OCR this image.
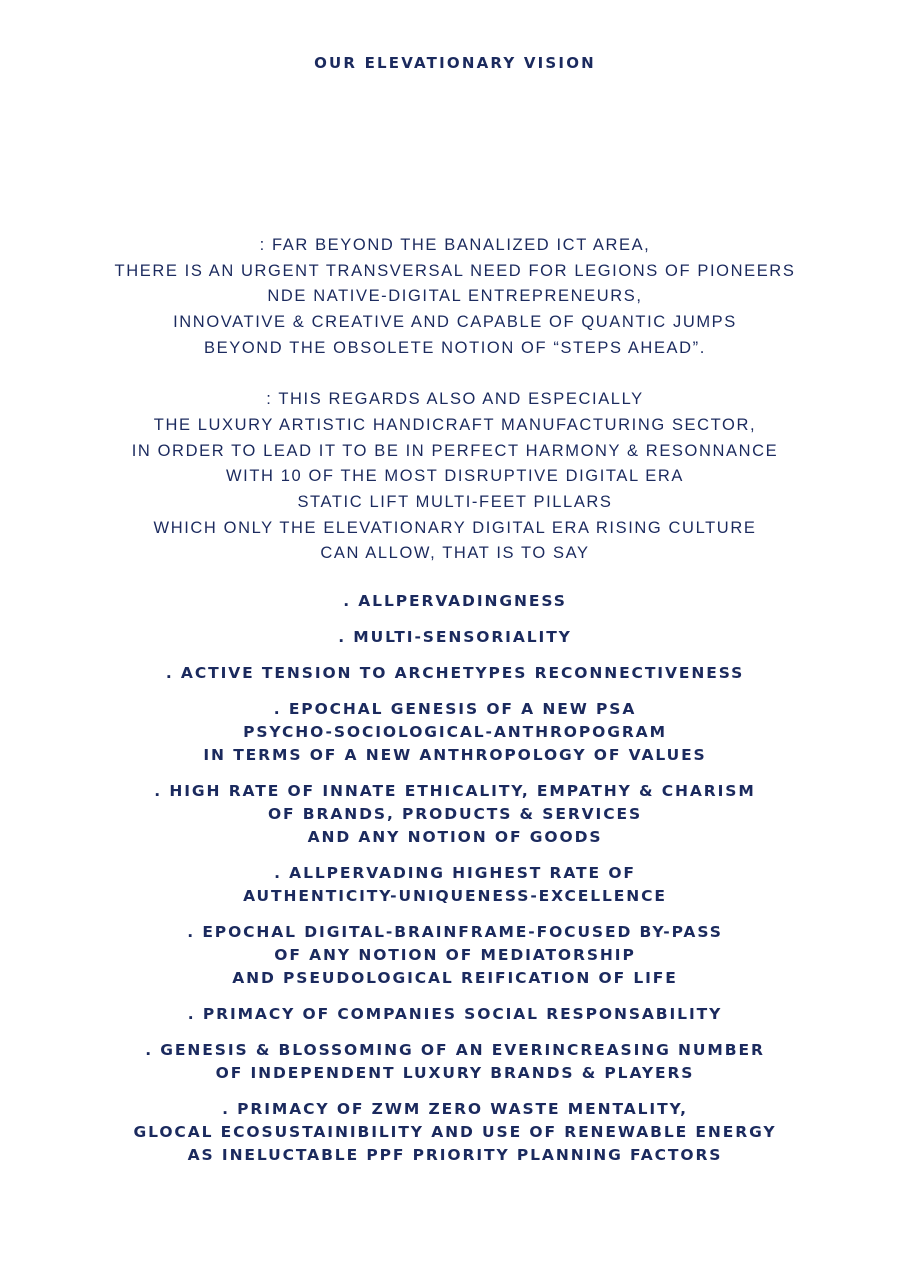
OUR ELEVATIONARY VISION

: FAR BEYOND THE BANALIZED ICT AREA,
THERE IS AN URGENT TRANSVERSAL NEED FOR LEGIONS OF PIONEERS
NDE NATIVE-DIGITAL ENTREPRENEURS,
INNOVATIVE & CREATIVE AND CAPABLE OF QUANTIC JUMPS
BEYOND THE OBSOLETE NOTION OF “STEPS AHEAD”.

: THIS REGARDS ALSO AND ESPECIALLY
THE LUXURY ARTISTIC HANDICRAFT MANUFACTURING SECTOR,
IN ORDER TO LEAD IT TO BE IN PERFECT HARMONY & RESONNANCE
WITH 10 OF THE MOST DISRUPTIVE DIGITAL ERA
STATIC LIFT MULTI-FEET PILLARS
WHICH ONLY THE ELEVATIONARY DIGITAL ERA RISING CULTURE
CAN ALLOW, THAT IS TO SAY

. ALLPERVADINGNESS
. MULTI-SENSORIALITY
. ACTIVE TENSION TO ARCHETYPES RECONNECTIVENESS
. EPOCHAL GENESIS OF A NEW PSA
PSYCHO-SOCIOLOGICAL-ANTHROPOGRAM
IN TERMS OF A NEW ANTHROPOLOGY OF VALUES
. HIGH RATE OF INNATE ETHICALITY, EMPATHY & CHARISM
OF BRANDS, PRODUCTS & SERVICES
AND ANY NOTION OF GOODS
. ALLPERVADING HIGHEST RATE OF
AUTHENTICITY-UNIQUENESS-EXCELLENCE
. EPOCHAL DIGITAL-BRAINFRAME-FOCUSED BY-PASS
OF ANY NOTION OF MEDIATORSHIP
AND PSEUDOLOGICAL REIFICATION OF LIFE
. PRIMACY OF COMPANIES SOCIAL RESPONSABILITY
. GENESIS & BLOSSOMING OF AN EVERINCREASING NUMBER
OF INDEPENDENT LUXURY BRANDS & PLAYERS
. PRIMACY OF ZWM ZERO WASTE MENTALITY,
GLOCAL ECOSUSTAINIBILITY AND USE OF RENEWABLE ENERGY
AS INELUCTABLE PPF PRIORITY PLANNING FACTORS
